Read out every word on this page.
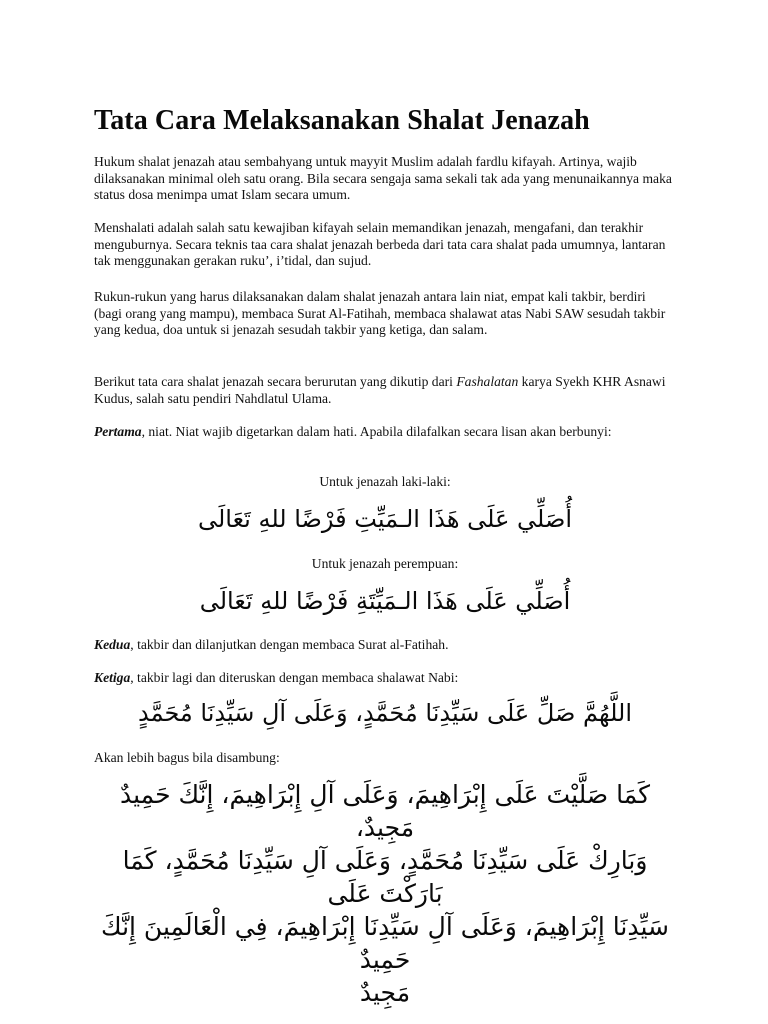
Tata Cara Melaksanakan Shalat Jenazah

Hukum shalat jenazah atau sembahyang untuk mayyit Muslim adalah fardlu kifayah. Artinya, wajib dilaksanakan minimal oleh satu orang. Bila secara sengaja sama sekali tak ada yang menunaikannya maka status dosa menimpa umat Islam secara umum.

Menshalati adalah salah satu kewajiban kifayah selain memandikan jenazah, mengafani, dan terakhir menguburnya. Secara teknis taa cara shalat jenazah berbeda dari tata cara shalat pada umumnya, lantaran tak menggunakan gerakan ruku’, i’tidal, dan sujud.

Rukun-rukun yang harus dilaksanakan dalam shalat jenazah antara lain niat, empat kali takbir, berdiri (bagi orang yang mampu), membaca Surat Al-Fatihah, membaca shalawat atas Nabi SAW sesudah takbir yang kedua, doa untuk si jenazah sesudah takbir yang ketiga, dan salam.

Berikut tata cara shalat jenazah secara berurutan yang dikutip dari Fashalatan karya Syekh KHR Asnawi Kudus, salah satu pendiri Nahdlatul Ulama.

Pertama, niat. Niat wajib digetarkan dalam hati. Apabila dilafalkan secara lisan akan berbunyi:

Untuk jenazah laki-laki:

أُصَلِّي عَلَى هَذَا الـمَيِّتِ فَرْضًا للهِ تَعَالَى

Untuk jenazah perempuan:

أُصَلِّي عَلَى هَذَا الـمَيِّتَةِ فَرْضًا للهِ تَعَالَى

Kedua, takbir dan dilanjutkan dengan membaca Surat al-Fatihah.

Ketiga, takbir lagi dan diteruskan dengan membaca shalawat Nabi:

اللَّهُمَّ صَلِّ عَلَى سَيِّدِنَا مُحَمَّدٍ، وَعَلَى آلِ سَيِّدِنَا مُحَمَّدٍ

Akan lebih bagus bila disambung:

كَمَا صَلَّيْتَ عَلَى إِبْرَاهِيمَ، وَعَلَى آلِ إِبْرَاهِيمَ، إِنَّكَ حَمِيدٌ مَجِيدٌ،
وَبَارِكْ عَلَى سَيِّدِنَا مُحَمَّدٍ، وَعَلَى آلِ سَيِّدِنَا مُحَمَّدٍ، كَمَا بَارَكْتَ عَلَى
سَيِّدِنَا إِبْرَاهِيمَ، وَعَلَى آلِ سَيِّدِنَا إِبْرَاهِيمَ، فِي الْعَالَمِينَ إِنَّكَ حَمِيدٌ
مَجِيدٌ
